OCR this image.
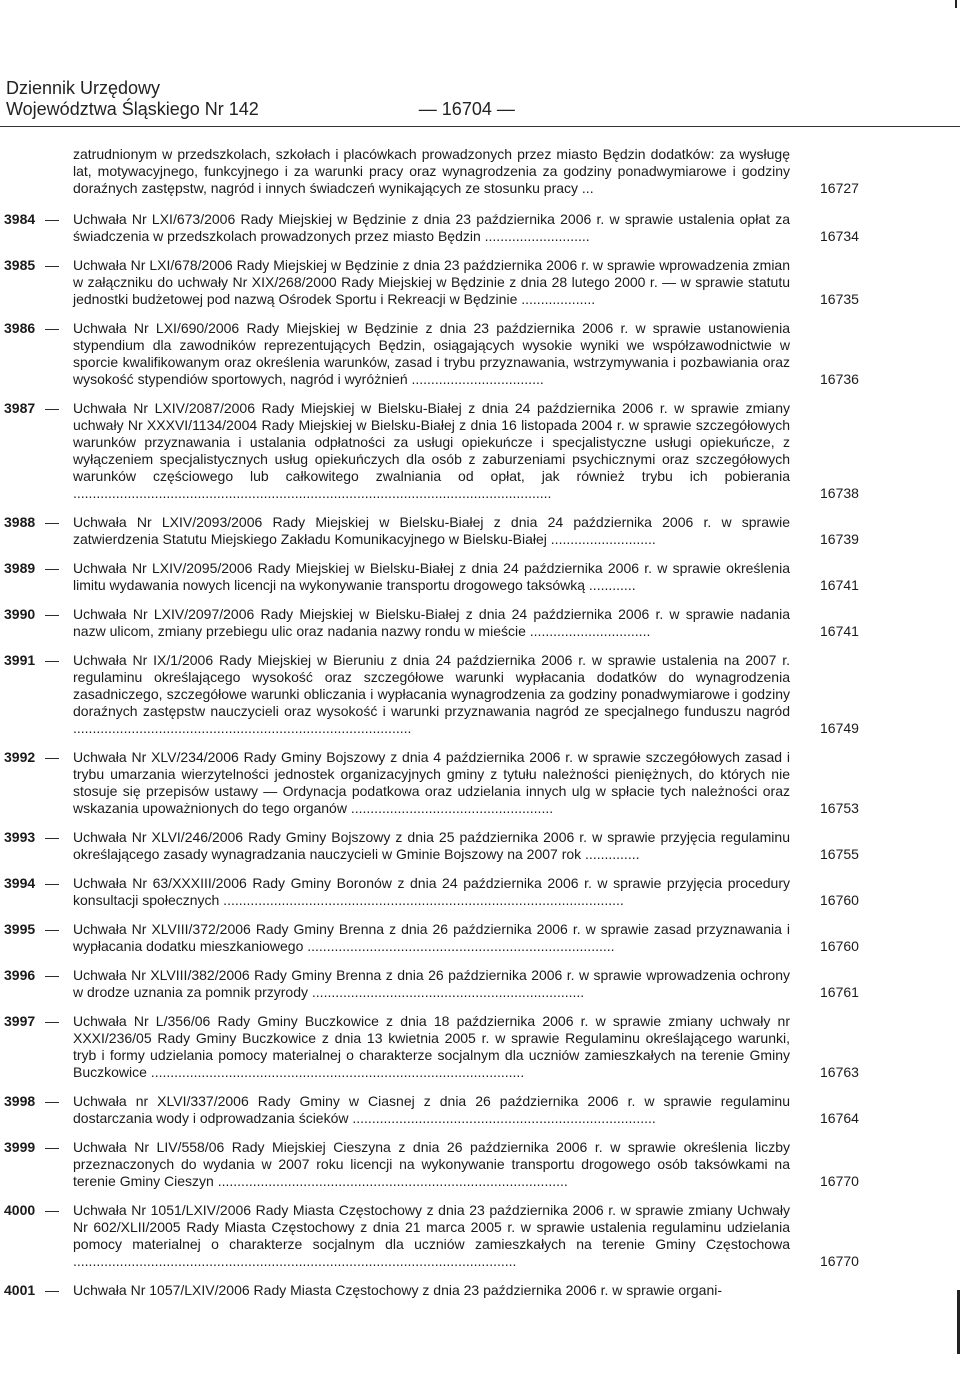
Dziennik Urzędowy
Województwa Śląskiego Nr 142	— 16704 —
zatrudnionym w przedszkolach, szkołach i placówkach prowadzonych przez miasto Będzin dodatków: za wysługę lat, motywacyjnego, funkcyjnego i za warunki pracy oraz wynagrodzenia za godziny ponadwymiarowe i godziny doraźnych zastępstw, nagród i innych świadczeń wynikających ze stosunku pracy ...	16727
3984 — Uchwała Nr LXI/673/2006 Rady Miejskiej w Będzinie z dnia 23 października 2006 r. w sprawie ustalenia opłat za świadczenia w przedszkolach prowadzonych przez miasto Będzin ...........................	16734
3985 — Uchwała Nr LXI/678/2006 Rady Miejskiej w Będzinie z dnia 23 października 2006 r. w sprawie wprowadzenia zmian w załączniku do uchwały Nr XIX/268/2000 Rady Miejskiej w Będzinie z dnia 28 lutego 2000 r. — w sprawie statutu jednostki budżetowej pod nazwą Ośrodek Sportu i Rekreacji w Będzinie ...................	16735
3986 — Uchwała Nr LXI/690/2006 Rady Miejskiej w Będzinie z dnia 23 października 2006 r. w sprawie ustanowienia stypendium dla zawodników reprezentujących Będzin, osiągających wysokie wyniki we współzawodnictwie w sporcie kwalifikowanym oraz określenia warunków, zasad i trybu przyznawania, wstrzymywania i pozbawiania oraz wysokość stypendiów sportowych, nagród i wyróżnień ..................................	16736
3987 — Uchwała Nr LXIV/2087/2006 Rady Miejskiej w Bielsku-Białej z dnia 24 października 2006 r. w sprawie zmiany uchwały Nr XXXVI/1134/2004 Rady Miejskiej w Bielsku-Białej z dnia 16 listopada 2004 r. w sprawie szczegółowych warunków przyznawania i ustalania odpłatności za usługi opiekuńcze i specjalistyczne usługi opiekuńcze, z wyłączeniem specjalistycznych usług opiekuńczych dla osób z zaburzeniami psychicznymi oraz szczegółowych warunków częściowego lub całkowitego zwalniania od opłat, jak również trybu ich pobierania ...........................................................................................................................	16738
3988 — Uchwała Nr LXIV/2093/2006 Rady Miejskiej w Bielsku-Białej z dnia 24 października 2006 r. w sprawie zatwierdzenia Statutu Miejskiego Zakładu Komunikacyjnego w Bielsku-Białej ...........................	16739
3989 — Uchwała Nr LXIV/2095/2006 Rady Miejskiej w Bielsku-Białej z dnia 24 października 2006 r. w sprawie określenia limitu wydawania nowych licencji na wykonywanie transportu drogowego taksówką ............	16741
3990 — Uchwała Nr LXIV/2097/2006 Rady Miejskiej w Bielsku-Białej z dnia 24 października 2006 r. w sprawie nadania nazw ulicom, zmiany przebiegu ulic oraz nadania nazwy rondu w mieście ...............................	16741
3991 — Uchwała Nr IX/1/2006 Rady Miejskiej w Bieruniu z dnia 24 października 2006 r. w sprawie ustalenia na 2007 r. regulaminu określającego wysokość oraz szczegółowe warunki wypłacania dodatków do wynagrodzenia zasadniczego, szczegółowe warunki obliczania i wypłacania wynagrodzenia za godziny ponadwymiarowe i godziny doraźnych zastępstw nauczycieli oraz wysokość i warunki przyznawania nagród ze specjalnego funduszu nagród .......................................................................................	16749
3992 — Uchwała Nr XLV/234/2006 Rady Gminy Bojszowy z dnia 4 października 2006 r. w sprawie szczegółowych zasad i trybu umarzania wierzytelności jednostek organizacyjnych gminy z tytułu należności pieniężnych, do których nie stosuje się przepisów ustawy — Ordynacja podatkowa oraz udzielania innych ulg w spłacie tych należności oraz wskazania upoważnionych do tego organów ....................................................	16753
3993 — Uchwała Nr XLVI/246/2006 Rady Gminy Bojszowy z dnia 25 października 2006 r. w sprawie przyjęcia regulaminu określającego zasady wynagradzania nauczycieli w Gminie Bojszowy na 2007 rok ..............	16755
3994 — Uchwała Nr 63/XXXIII/2006 Rady Gminy Boronów z dnia 24 października 2006 r. w sprawie przyjęcia procedury konsultacji społecznych .......................................................................................................	16760
3995 — Uchwała Nr XLVIII/372/2006 Rady Gminy Brenna z dnia 26 października 2006 r. w sprawie zasad przyznawania i wypłacania dodatku mieszkaniowego ...............................................................................	16760
3996 — Uchwała Nr XLVIII/382/2006 Rady Gminy Brenna z dnia 26 października 2006 r. w sprawie wprowadzenia ochrony w drodze uznania za pomnik przyrody ......................................................................	16761
3997 — Uchwała Nr L/356/06 Rady Gminy Buczkowice z dnia 18 października 2006 r. w sprawie zmiany uchwały nr XXXI/236/05 Rady Gminy Buczkowice z dnia 13 kwietnia 2005 r. w sprawie Regulaminu określającego warunki, tryb i formy udzielania pomocy materialnej o charakterze socjalnym dla uczniów zamieszkałych na terenie Gminy Buczkowice ................................................................................................	16763
3998 — Uchwała nr XLVI/337/2006 Rady Gminy w Ciasnej z dnia 26 października 2006 r. w sprawie regulaminu dostarczania wody i odprowadzania ścieków ..............................................................................	16764
3999 — Uchwała Nr LIV/558/06 Rady Miejskiej Cieszyna z dnia 26 października 2006 r. w sprawie określenia liczby przeznaczonych do wydania w 2007 roku licencji na wykonywanie transportu drogowego osób taksówkami na terenie Gminy Cieszyn ..........................................................................................	16770
4000 — Uchwała Nr 1051/LXIV/2006 Rady Miasta Częstochowy z dnia 23 października 2006 r. w sprawie zmiany Uchwały Nr 602/XLII/2005 Rady Miasta Częstochowy z dnia 21 marca 2005 r. w sprawie ustalenia regulaminu udzielania pomocy materialnej o charakterze socjalnym dla uczniów zamieszkałych na terenie Gminy Częstochowa ..................................................................................................................	16770
4001 — Uchwała Nr 1057/LXIV/2006 Rady Miasta Częstochowy z dnia 23 października 2006 r. w sprawie organi-
